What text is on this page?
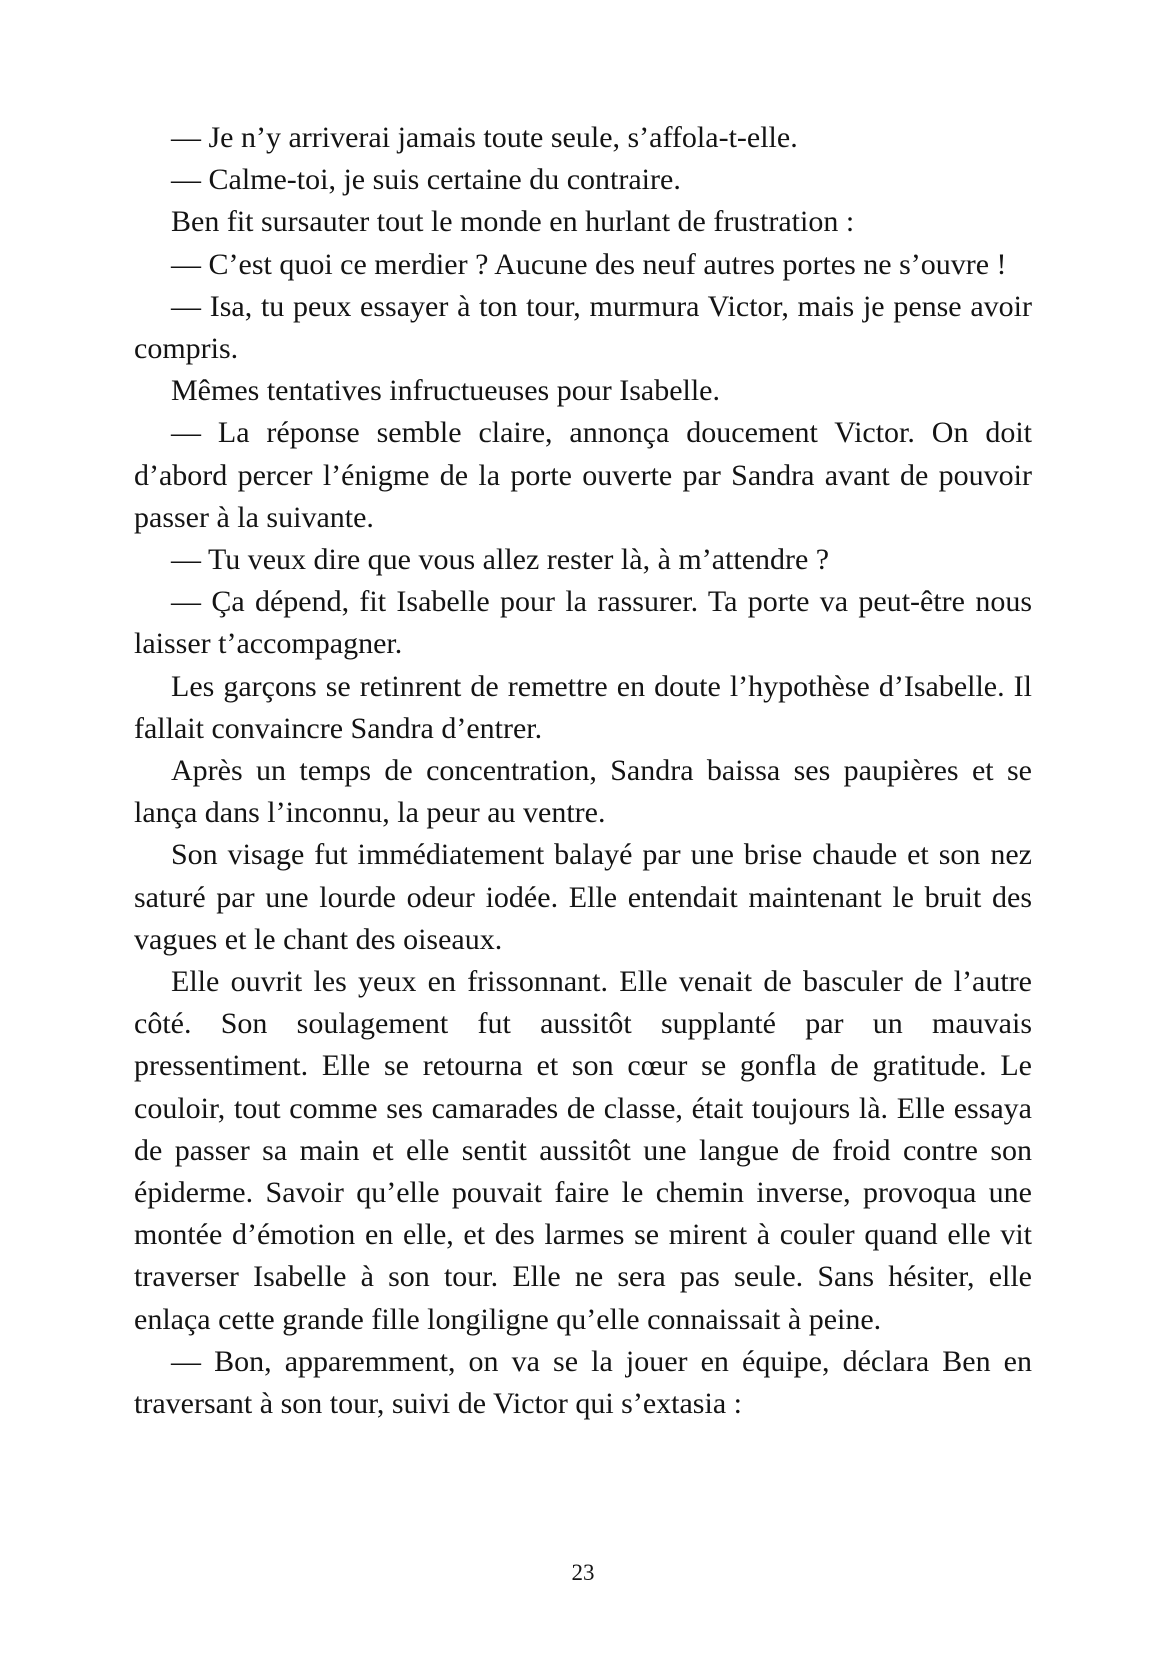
— Je n’y arriverai jamais toute seule, s’affola-t-elle.

— Calme-toi, je suis certaine du contraire.

Ben fit sursauter tout le monde en hurlant de frustration :

— C’est quoi ce merdier ? Aucune des neuf autres portes ne s’ouvre !

— Isa, tu peux essayer à ton tour, murmura Victor, mais je pense avoir compris.

Mêmes tentatives infructueuses pour Isabelle.

— La réponse semble claire, annonça doucement Victor. On doit d’abord percer l’énigme de la porte ouverte par Sandra avant de pouvoir passer à la suivante.

— Tu veux dire que vous allez rester là, à m’attendre ?

— Ça dépend, fit Isabelle pour la rassurer. Ta porte va peut-être nous laisser t’accompagner.

Les garçons se retinrent de remettre en doute l’hypothèse d’Isabelle. Il fallait convaincre Sandra d’entrer.

Après un temps de concentration, Sandra baissa ses paupières et se lança dans l’inconnu, la peur au ventre.

Son visage fut immédiatement balayé par une brise chaude et son nez saturé par une lourde odeur iodée. Elle entendait maintenant le bruit des vagues et le chant des oiseaux.

Elle ouvrit les yeux en frissonnant. Elle venait de basculer de l’autre côté. Son soulagement fut aussitôt supplanté par un mauvais pressentiment. Elle se retourna et son cœur se gonfla de gratitude. Le couloir, tout comme ses camarades de classe, était toujours là. Elle essaya de passer sa main et elle sentit aussitôt une langue de froid contre son épiderme. Savoir qu’elle pouvait faire le chemin inverse, provoqua une montée d’émotion en elle, et des larmes se mirent à couler quand elle vit traverser Isabelle à son tour. Elle ne sera pas seule. Sans hésiter, elle enlaça cette grande fille longiligne qu’elle connaissait à peine.

— Bon, apparemment, on va se la jouer en équipe, déclara Ben en traversant à son tour, suivi de Victor qui s’extasia :

23
